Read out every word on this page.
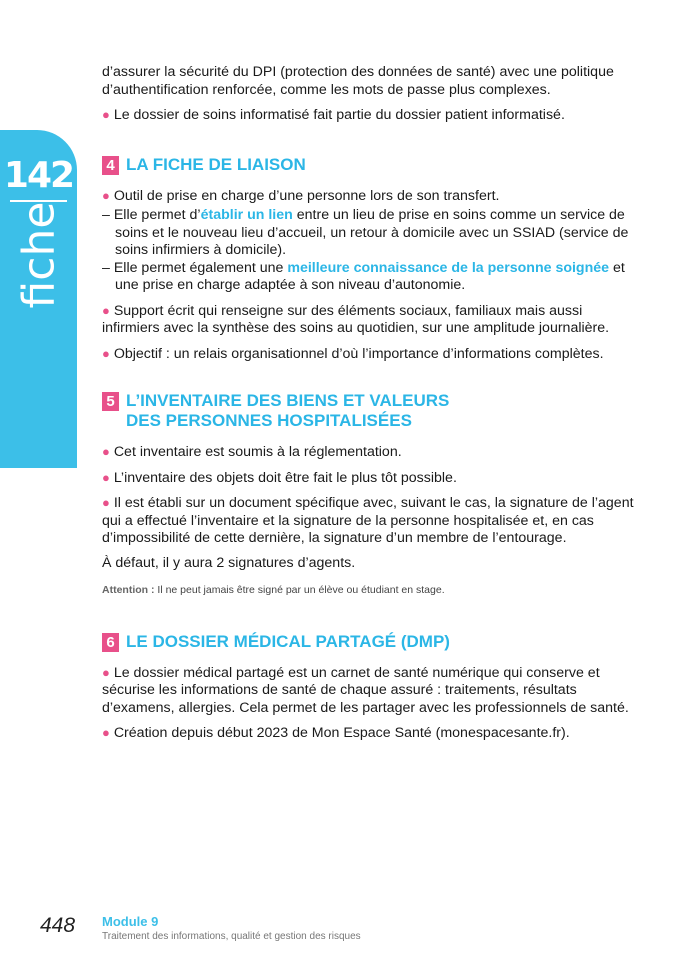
142
fiche

d’assurer la sécurité du DPI (protection des données de santé) avec une politique

d’authentification renforcée, comme les mots de passe plus complexes.

● Le dossier de soins informatisé fait partie du dossier patient informatisé.

4 LA FICHE DE LIAISON

● Outil de prise en charge d’une personne lors de son transfert.

– Elle permet d’établir un lien entre un lieu de prise en soins comme un service de soins et le nouveau lieu d’accueil, un retour à domicile avec un SSIAD (service de soins infirmiers à domicile).

– Elle permet également une meilleure connaissance de la personne soignée et une prise en charge adaptée à son niveau d’autonomie.

● Support écrit qui renseigne sur des éléments sociaux, familiaux mais aussi infirmiers avec la synthèse des soins au quotidien, sur une amplitude journalière.

● Objectif : un relais organisationnel d’où l’importance d’informations complètes.

5 L’INVENTAIRE DES BIENS ET VALEURS
DES PERSONNES HOSPITALISÉES

● Cet inventaire est soumis à la réglementation.

● L’inventaire des objets doit être fait le plus tôt possible.

● Il est établi sur un document spécifique avec, suivant le cas, la signature de l’agent qui a effectué l’inventaire et la signature de la personne hospitalisée et, en cas d’impossibilité de cette dernière, la signature d’un membre de l’entourage.

À défaut, il y aura 2 signatures d’agents.

Attention : Il ne peut jamais être signé par un élève ou étudiant en stage.

6 LE DOSSIER MÉDICAL PARTAGÉ (DMP)

● Le dossier médical partagé est un carnet de santé numérique qui conserve et sécurise les informations de santé de chaque assuré : traitements, résultats d’examens, allergies. Cela permet de les partager avec les professionnels de santé.

● Création depuis début 2023 de Mon Espace Santé (monespacesante.fr).

448 Module 9
Traitement des informations, qualité et gestion des risques
